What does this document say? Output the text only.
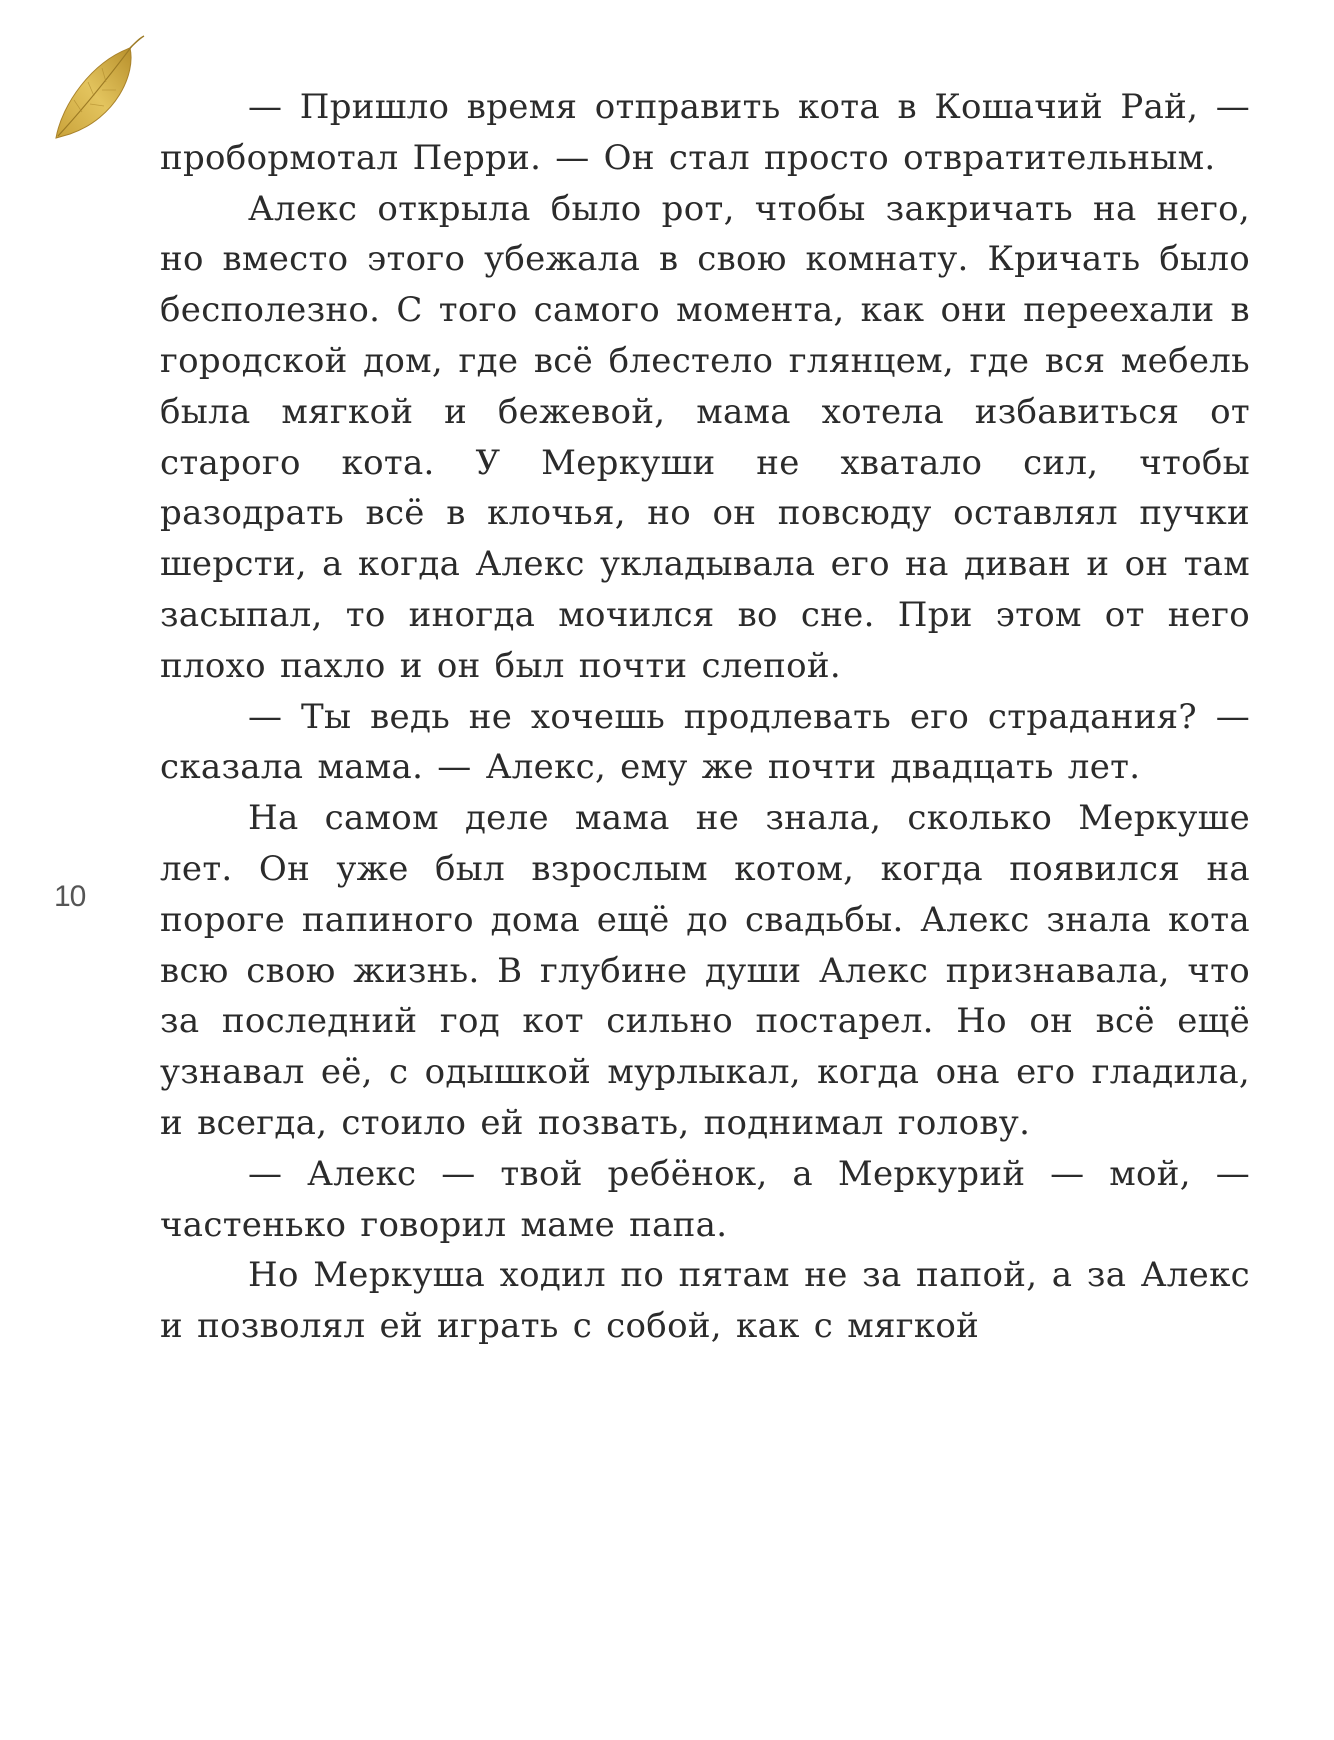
10

— Пришло время отправить кота в Кошачий Рай, — пробормотал Перри. — Он стал просто отвратительным.

Алекс открыла было рот, чтобы закричать на него, но вместо этого убежала в свою комнату. Кричать было бесполезно. С того самого момента, как они переехали в городской дом, где всё блестело глянцем, где вся мебель была мягкой и бежевой, мама хотела избавиться от старого кота. У Меркуши не хватало сил, чтобы разодрать всё в клочья, но он повсюду оставлял пучки шерсти, а когда Алекс укладывала его на диван и он там засыпал, то иногда мочился во сне. При этом от него плохо пахло и он был почти слепой.

— Ты ведь не хочешь продлевать его страдания? — сказала мама. — Алекс, ему же почти двадцать лет.

На самом деле мама не знала, сколько Меркуше лет. Он уже был взрослым котом, когда появился на пороге папиного дома ещё до свадьбы. Алекс знала кота всю свою жизнь. В глубине души Алекс признавала, что за последний год кот сильно постарел. Но он всё ещё узнавал её, с одышкой мурлыкал, когда она его гладила, и всегда, стоило ей позвать, поднимал голову.

— Алекс — твой ребёнок, а Меркурий — мой, — частенько говорил маме папа.

Но Меркуша ходил по пятам не за папой, а за Алекс и позволял ей играть с собой, как с мягкой
